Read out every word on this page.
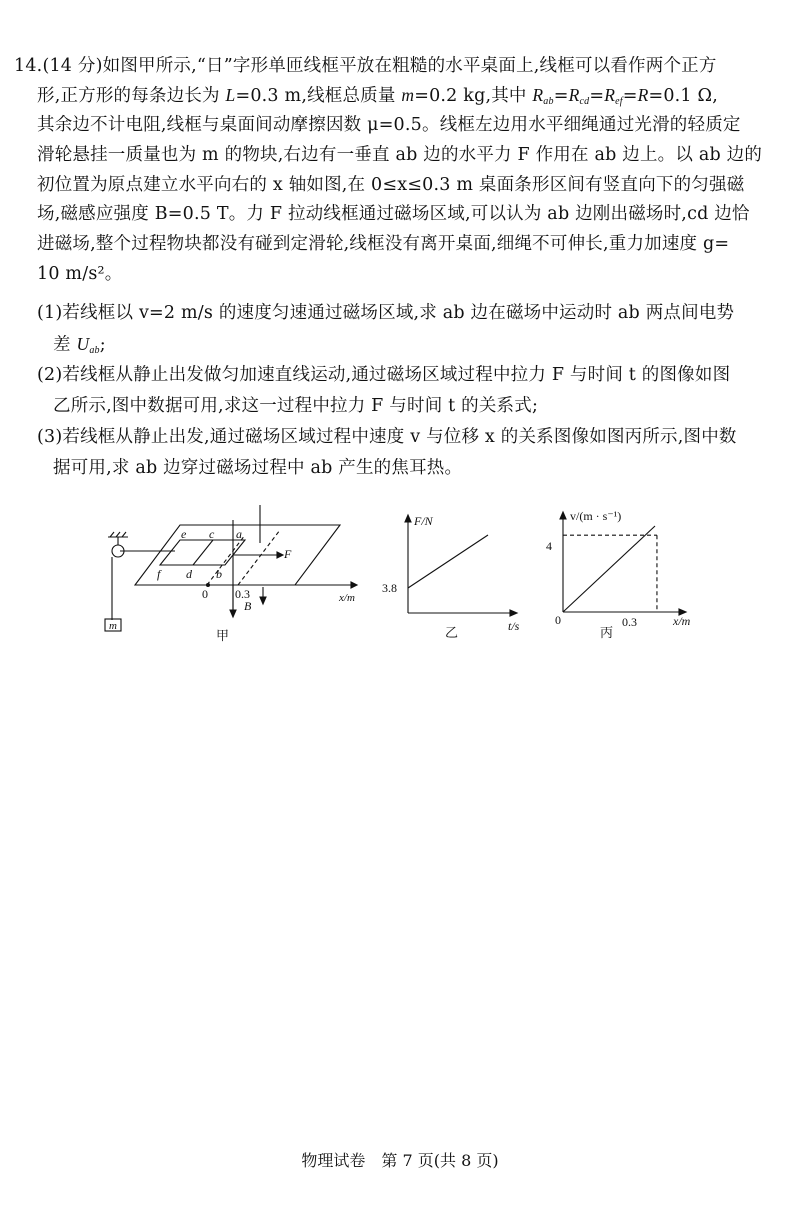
14.(14 分)如图甲所示,“日”字形单匝线框平放在粗糙的水平桌面上,线框可以看作两个正方
形,正方形的每条边长为 L=0.3 m,线框总质量 m=0.2 kg,其中 $R_{ab}=R_{cd}=R_{ef}=R=0.1$ Ω,
其余边不计电阻,线框与桌面间动摩擦因数 μ=0.5。线框左边用水平细绳通过光滑的轻质定
滑轮悬挂一质量也为 m 的物块,右边有一垂直 ab 边的水平力 F 作用在 ab 边上。以 ab 边的
初位置为原点建立水平向右的 x 轴如图,在 0≤x≤0.3 m 桌面条形区间有竖直向下的匀强磁
场,磁感应强度 B=0.5 T。力 F 拉动线框通过磁场区域,可以认为 ab 边刚出磁场时,cd 边恰
进磁场,整个过程物块都没有碰到定滑轮,线框没有离开桌面,细绳不可伸长,重力加速度 g=
10 m/s²。
(1)若线框以 v=2 m/s 的速度匀速通过磁场区域,求 ab 边在磁场中运动时 ab 两点间电势
差 $U_{ab}$;
(2)若线框从静止出发做匀加速直线运动,通过磁场区域过程中拉力 F 与时间 t 的图像如图
乙所示,图中数据可用,求这一过程中拉力 F 与时间 t 的关系式;
(3)若线框从静止出发,通过磁场区域过程中速度 v 与位移 x 的关系图像如图丙所示,图中数
据可用,求 ab 边穿过磁场过程中 ab 产生的焦耳热。
e c a
f d b
F
B
m
x/m
0 0.3
甲
F/N
t/s
3.8
乙
v/(m · s⁻¹)
x/m
4
0.3
0
丙
物理试卷　第 7 页(共 8 页)
